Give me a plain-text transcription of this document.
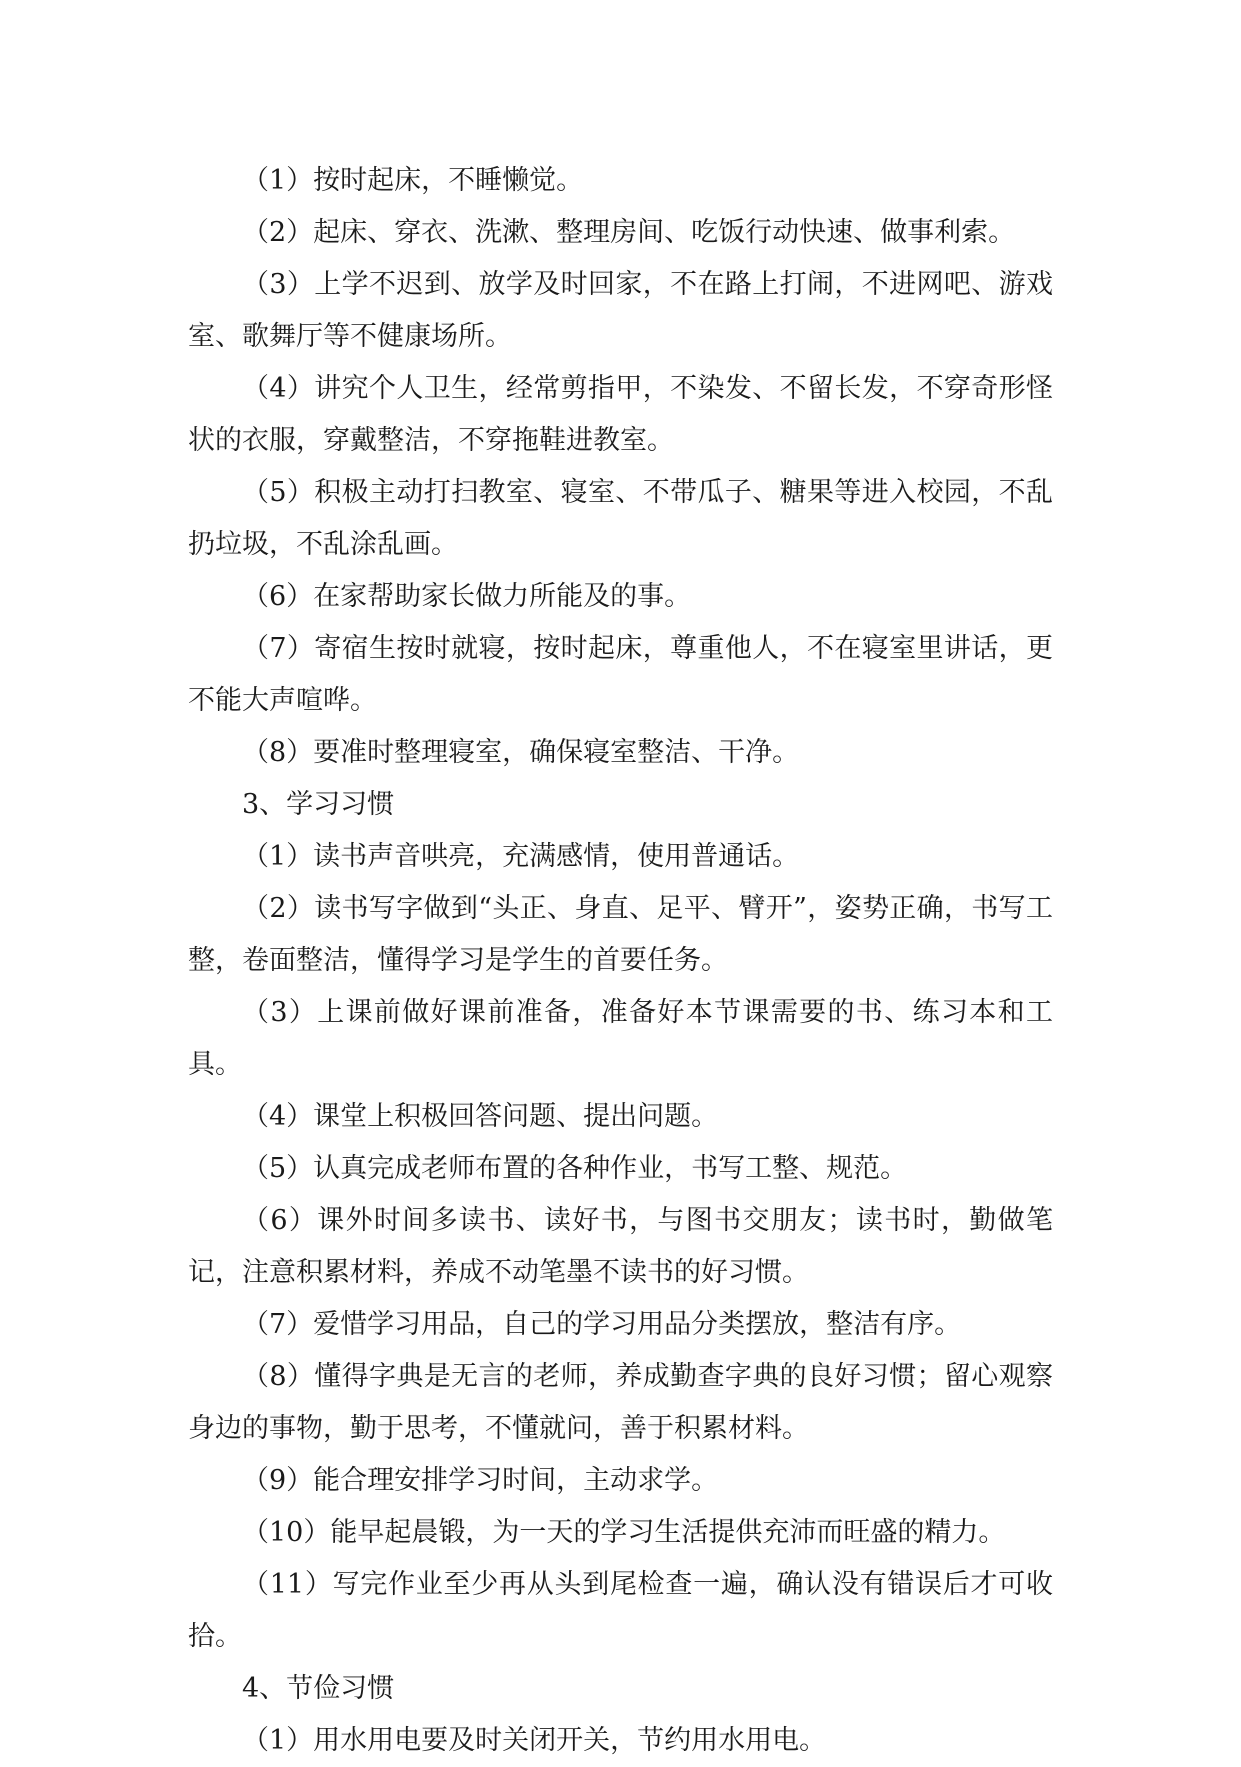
（1）按时起床，不睡懒觉。

（2）起床、穿衣、洗漱、整理房间、吃饭行动快速、做事利索。

（3）上学不迟到、放学及时回家，不在路上打闹，不进网吧、游戏室、歌舞厅等不健康场所。

（4）讲究个人卫生，经常剪指甲，不染发、不留长发，不穿奇形怪状的衣服，穿戴整洁，不穿拖鞋进教室。

（5）积极主动打扫教室、寝室、不带瓜子、糖果等进入校园，不乱扔垃圾，不乱涂乱画。

（6）在家帮助家长做力所能及的事。

（7）寄宿生按时就寝，按时起床，尊重他人，不在寝室里讲话，更不能大声喧哗。

（8）要准时整理寝室，确保寝室整洁、干净。

3、学习习惯

（1）读书声音哄亮，充满感情，使用普通话。

（2）读书写字做到“头正、身直、足平、臂开”，姿势正确，书写工整，卷面整洁，懂得学习是学生的首要任务。

（3）上课前做好课前准备，准备好本节课需要的书、练习本和工具。

（4）课堂上积极回答问题、提出问题。

（5）认真完成老师布置的各种作业，书写工整、规范。

（6）课外时间多读书、读好书，与图书交朋友；读书时，勤做笔记，注意积累材料，养成不动笔墨不读书的好习惯。

（7）爱惜学习用品，自己的学习用品分类摆放，整洁有序。

（8）懂得字典是无言的老师，养成勤查字典的良好习惯；留心观察身边的事物，勤于思考，不懂就问，善于积累材料。

（9）能合理安排学习时间，主动求学。

（10）能早起晨锻，为一天的学习生活提供充沛而旺盛的精力。

（11）写完作业至少再从头到尾检查一遍，确认没有错误后才可收拾。

4、节俭习惯

（1）用水用电要及时关闭开关，节约用水用电。
